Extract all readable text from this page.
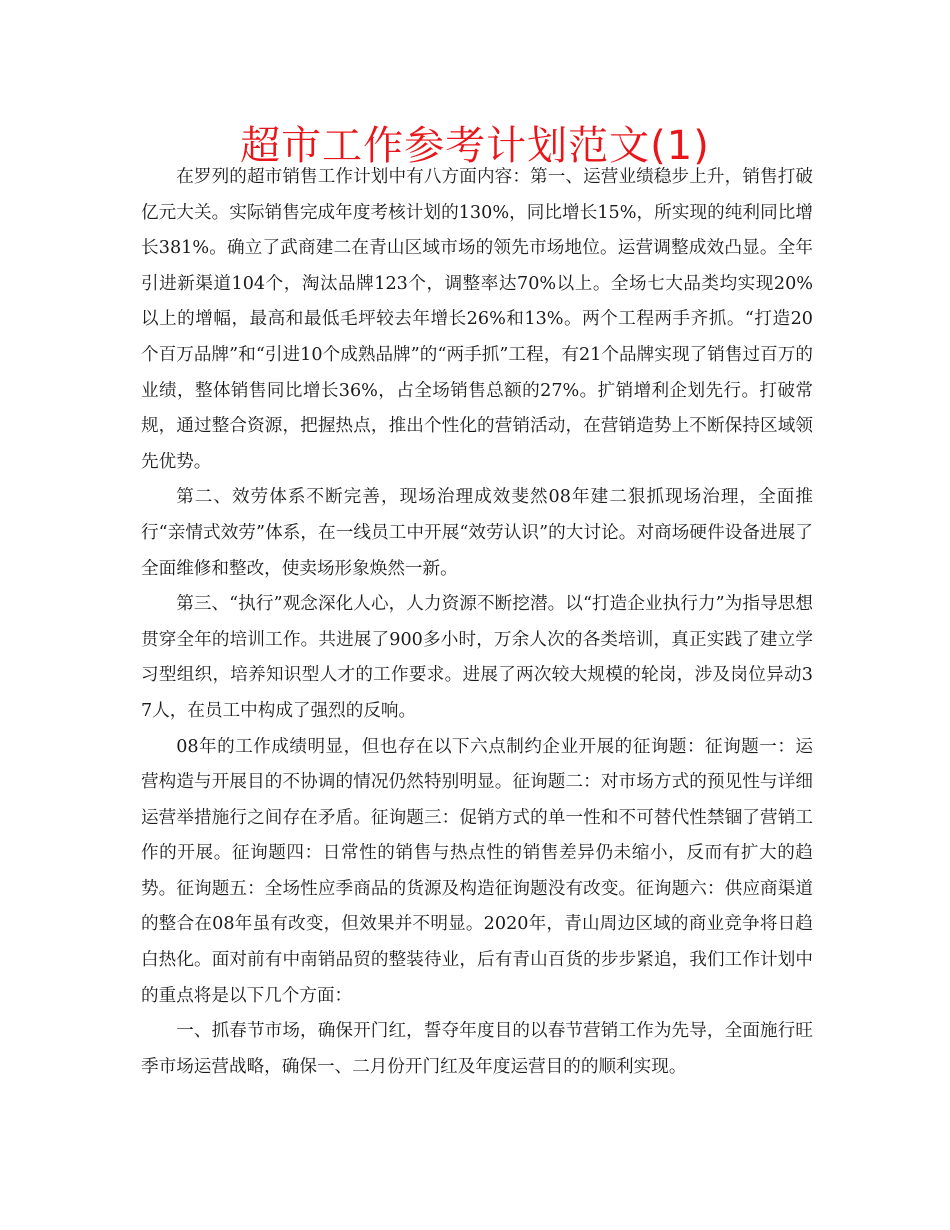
超市工作参考计划范文(1)

在罗列的超市销售工作计划中有八方面内容：第一、运营业绩稳步上升，销售打破亿元大关。实际销售完成年度考核计划的130%，同比增长15%，所实现的纯利同比增长381%。确立了武商建二在青山区域市场的领先市场地位。运营调整成效凸显。全年引进新渠道104个，淘汰品牌123个，调整率达70%以上。全场七大品类均实现20%以上的增幅，最高和最低毛坪较去年增长26%和13%。两个工程两手齐抓。“打造20个百万品牌”和“引进10个成熟品牌”的“两手抓”工程，有21个品牌实现了销售过百万的业绩，整体销售同比增长36%，占全场销售总额的27%。扩销增利企划先行。打破常规，通过整合资源，把握热点，推出个性化的营销活动，在营销造势上不断保持区域领先优势。

第二、效劳体系不断完善，现场治理成效斐然08年建二狠抓现场治理，全面推行“亲情式效劳”体系，在一线员工中开展“效劳认识”的大讨论。对商场硬件设备进展了全面维修和整改，使卖场形象焕然一新。

第三、“执行”观念深化人心，人力资源不断挖潜。以“打造企业执行力”为指导思想贯穿全年的培训工作。共进展了900多小时，万余人次的各类培训，真正实践了建立学习型组织，培养知识型人才的工作要求。进展了两次较大规模的轮岗，涉及岗位异动37人，在员工中构成了强烈的反响。

08年的工作成绩明显，但也存在以下六点制约企业开展的征询题：征询题一：运营构造与开展目的不协调的情况仍然特别明显。征询题二：对市场方式的预见性与详细运营举措施行之间存在矛盾。征询题三：促销方式的单一性和不可替代性禁锢了营销工作的开展。征询题四：日常性的销售与热点性的销售差异仍未缩小，反而有扩大的趋势。征询题五：全场性应季商品的货源及构造征询题没有改变。征询题六：供应商渠道的整合在08年虽有改变，但效果并不明显。2020年，青山周边区域的商业竞争将日趋白热化。面对前有中南销品贸的整装待业，后有青山百货的步步紧追，我们工作计划中的重点将是以下几个方面：

一、抓春节市场，确保开门红，誓夺年度目的以春节营销工作为先导，全面施行旺季市场运营战略，确保一、二月份开门红及年度运营目的的顺利实现。
